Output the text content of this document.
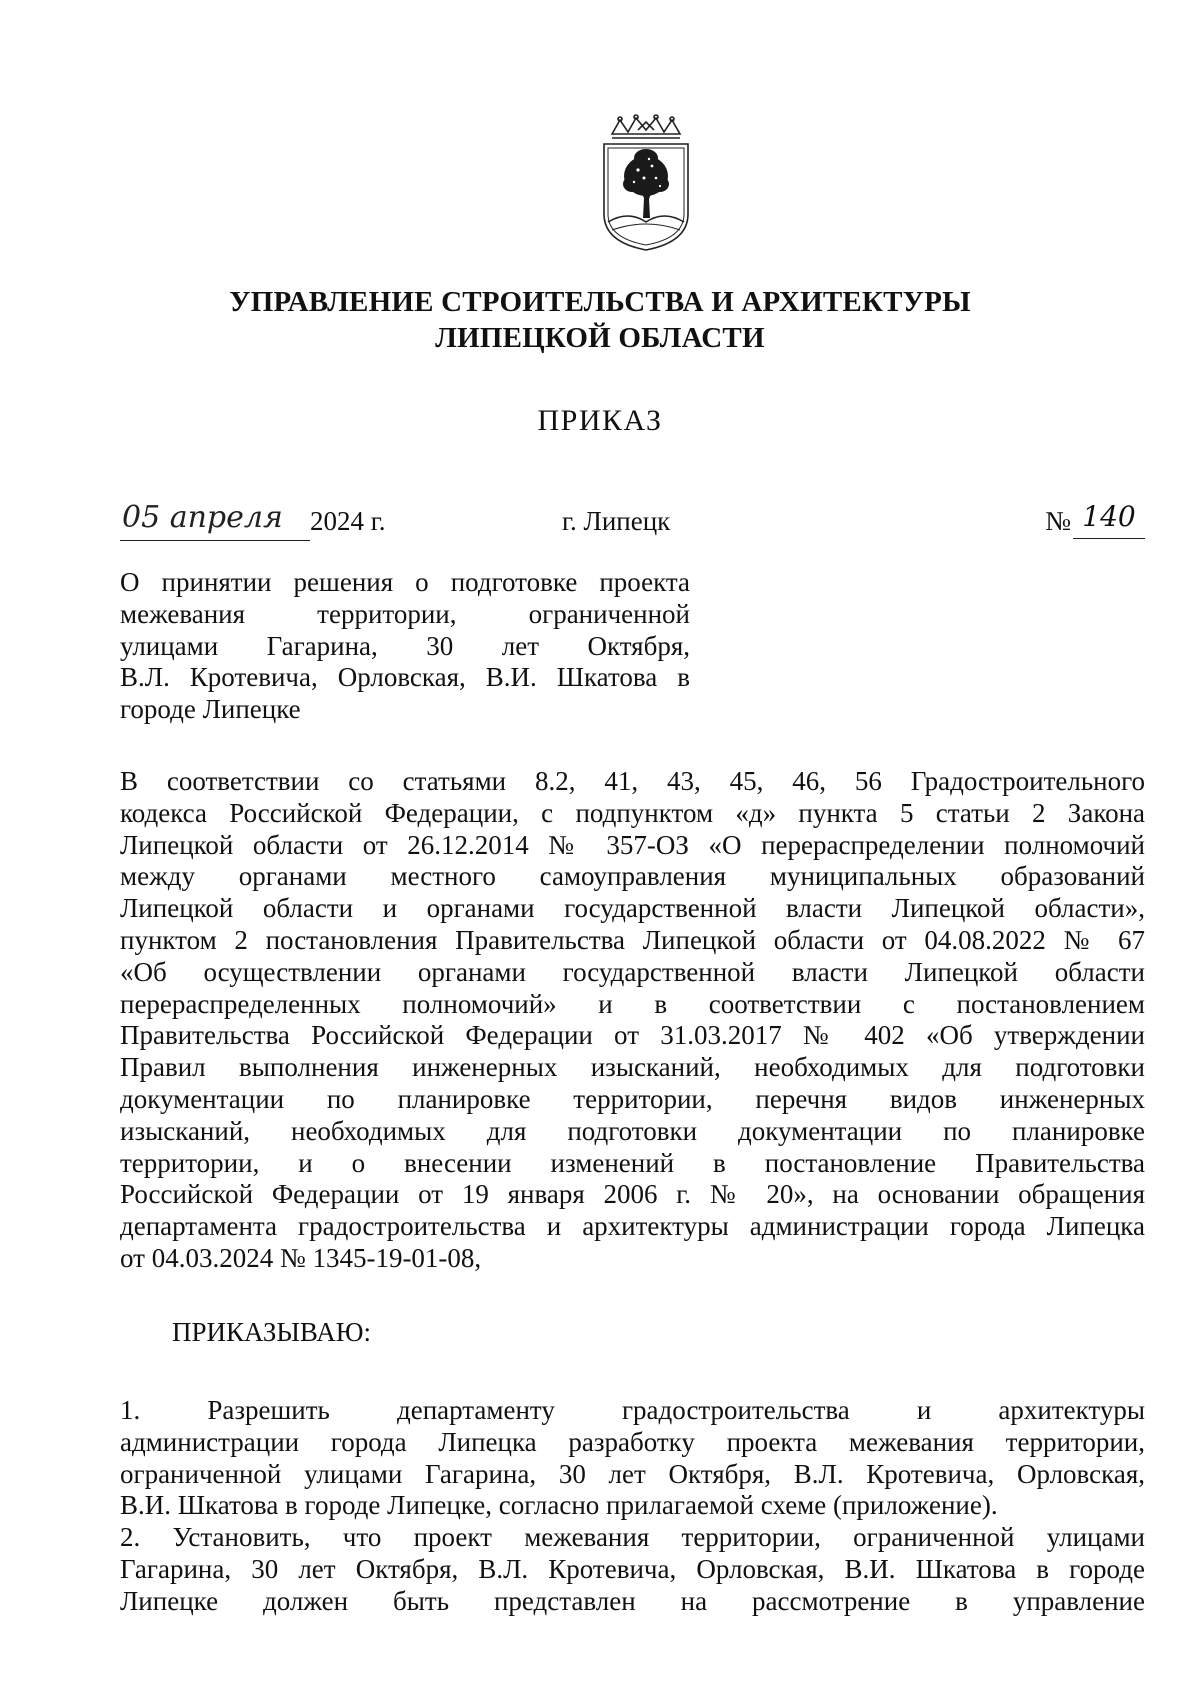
УПРАВЛЕНИЕ СТРОИТЕЛЬСТВА И АРХИТЕКТУРЫ
ЛИПЕЦКОЙ ОБЛАСТИ
ПРИКАЗ
05 апреля	2024 г.	г. Липецк	№ 140
О принятии решения о подготовке проекта
межевания территории, ограниченной
улицами Гагарина, 30 лет Октября,
В.Л. Кротевича, Орловская, В.И. Шкатова в
городе Липецке
В соответствии со статьями 8.2, 41, 43, 45, 46, 56 Градостроительного
кодекса Российской Федерации, с подпунктом «д» пункта 5 статьи 2 Закона
Липецкой области от 26.12.2014 № 357-ОЗ «О перераспределении полномочий
между органами местного самоуправления муниципальных образований
Липецкой области и органами государственной власти Липецкой области»,
пунктом 2 постановления Правительства Липецкой области от 04.08.2022 № 67
«Об осуществлении органами государственной власти Липецкой области
перераспределенных полномочий» и в соответствии с постановлением
Правительства Российской Федерации от 31.03.2017 № 402 «Об утверждении
Правил выполнения инженерных изысканий, необходимых для подготовки
документации по планировке территории, перечня видов инженерных
изысканий, необходимых для подготовки документации по планировке
территории, и о внесении изменений в постановление Правительства
Российской Федерации от 19 января 2006 г. № 20», на основании обращения
департамента градостроительства и архитектуры администрации города Липецка
от 04.03.2024 № 1345-19-01-08,
ПРИКАЗЫВАЮ:
1. Разрешить департаменту градостроительства и архитектуры
администрации города Липецка разработку проекта межевания территории,
ограниченной улицами Гагарина, 30 лет Октября, В.Л. Кротевича, Орловская,
В.И. Шкатова в городе Липецке, согласно прилагаемой схеме (приложение).
2. Установить, что проект межевания территории, ограниченной улицами
Гагарина, 30 лет Октября, В.Л. Кротевича, Орловская, В.И. Шкатова в городе
Липецке должен быть представлен на рассмотрение в управление
